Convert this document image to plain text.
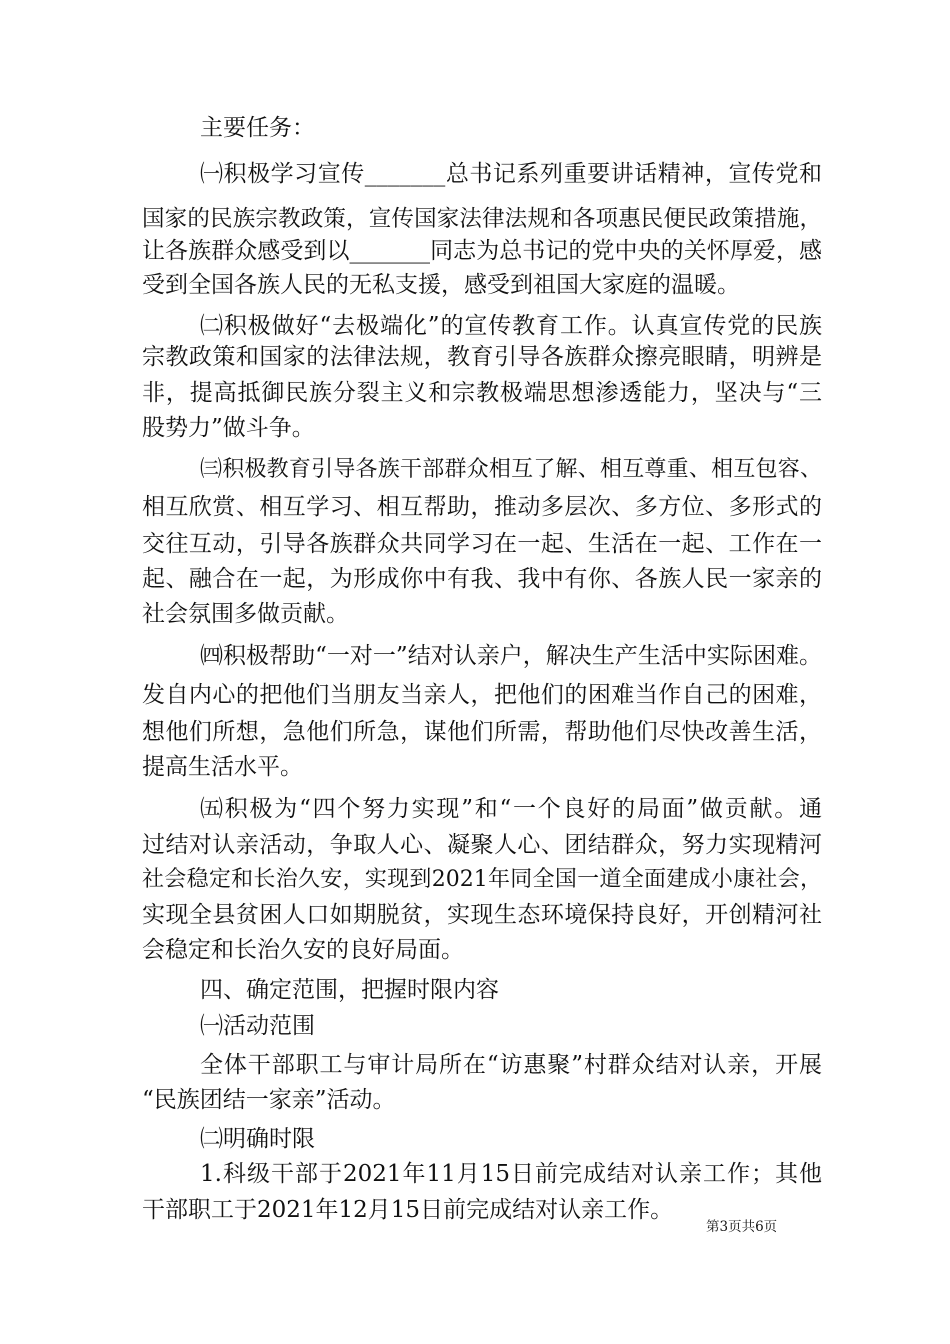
主要任务：
㈠积极学习宣传_______总书记系列重要讲话精神，宣传党和
国家的民族宗教政策，宣传国家法律法规和各项惠民便民政策措施，
让各族群众感受到以_______同志为总书记的党中央的关怀厚爱，感
受到全国各族人民的无私支援，感受到祖国大家庭的温暖。
㈡积极做好“去极端化”的宣传教育工作。认真宣传党的民族
宗教政策和国家的法律法规，教育引导各族群众擦亮眼睛，明辨是
非，提高抵御民族分裂主义和宗教极端思想渗透能力，坚决与“三
股势力”做斗争。
㈢积极教育引导各族干部群众相互了解、相互尊重、相互包容、
相互欣赏、相互学习、相互帮助，推动多层次、多方位、多形式的
交往互动，引导各族群众共同学习在一起、生活在一起、工作在一
起、融合在一起，为形成你中有我、我中有你、各族人民一家亲的
社会氛围多做贡献。
㈣积极帮助“一对一”结对认亲户，解决生产生活中实际困难。
发自内心的把他们当朋友当亲人，把他们的困难当作自己的困难，
想他们所想，急他们所急，谋他们所需，帮助他们尽快改善生活，
提高生活水平。
㈤积极为“四个努力实现”和“一个良好的局面”做贡献。通
过结对认亲活动，争取人心、凝聚人心、团结群众，努力实现精河
社会稳定和长治久安，实现到2021年同全国一道全面建成小康社会，
实现全县贫困人口如期脱贫，实现生态环境保持良好，开创精河社
会稳定和长治久安的良好局面。
四、确定范围，把握时限内容
㈠活动范围
全体干部职工与审计局所在“访惠聚”村群众结对认亲，开展
“民族团结一家亲”活动。
㈡明确时限
1.科级干部于2021年11月15日前完成结对认亲工作；其他
干部职工于2021年12月15日前完成结对认亲工作。
第3页共6页
